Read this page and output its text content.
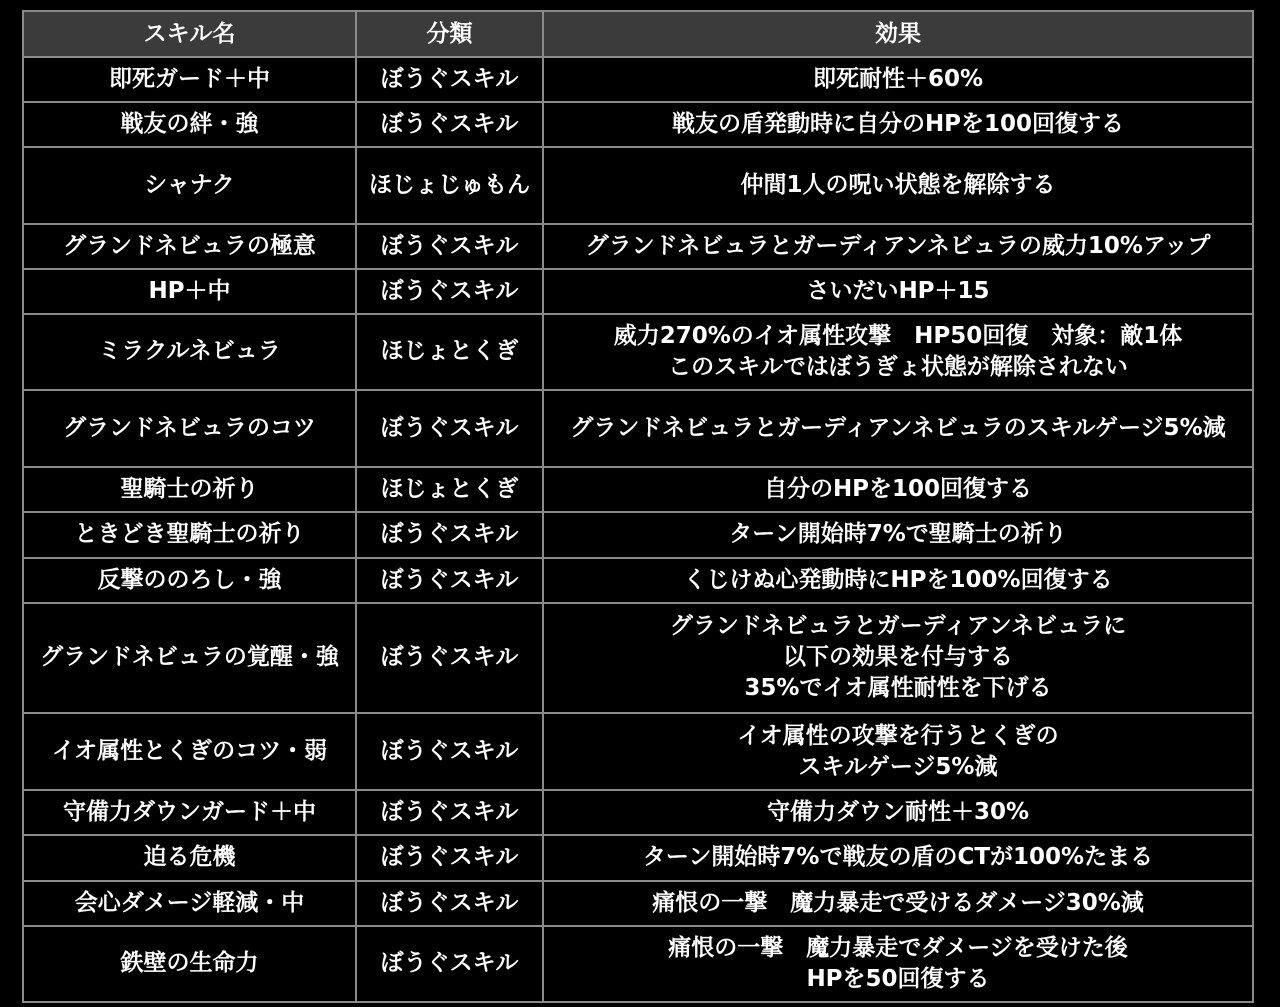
スキル名	分類	効果
即死ガード＋中	ぼうぐスキル	即死耐性＋60%
戦友の絆・強	ぼうぐスキル	戦友の盾発動時に自分のHPを100回復する
シャナク	ほじょじゅもん	仲間1人の呪い状態を解除する
グランドネビュラの極意	ぼうぐスキル	グランドネビュラとガーディアンネビュラの威力10%アップ
HP＋中	ぼうぐスキル	さいだいHP＋15
ミラクルネビュラ	ほじょとくぎ	威力270%のイオ属性攻撃　HP50回復　対象：敵1体
このスキルではぼうぎょ状態が解除されない
グランドネビュラのコツ	ぼうぐスキル	グランドネビュラとガーディアンネビュラのスキルゲージ5%減
聖騎士の祈り	ほじょとくぎ	自分のHPを100回復する
ときどき聖騎士の祈り	ぼうぐスキル	ターン開始時7%で聖騎士の祈り
反撃ののろし・強	ぼうぐスキル	くじけぬ心発動時にHPを100%回復する
グランドネビュラの覚醒・強	ぼうぐスキル	グランドネビュラとガーディアンネビュラに
以下の効果を付与する
35%でイオ属性耐性を下げる
イオ属性とくぎのコツ・弱	ぼうぐスキル	イオ属性の攻撃を行うとくぎの
スキルゲージ5%減
守備力ダウンガード＋中	ぼうぐスキル	守備力ダウン耐性＋30%
迫る危機	ぼうぐスキル	ターン開始時7%で戦友の盾のCTが100%たまる
会心ダメージ軽減・中	ぼうぐスキル	痛恨の一撃　魔力暴走で受けるダメージ30%減
鉄壁の生命力	ぼうぐスキル	痛恨の一撃　魔力暴走でダメージを受けた後
HPを50回復する
